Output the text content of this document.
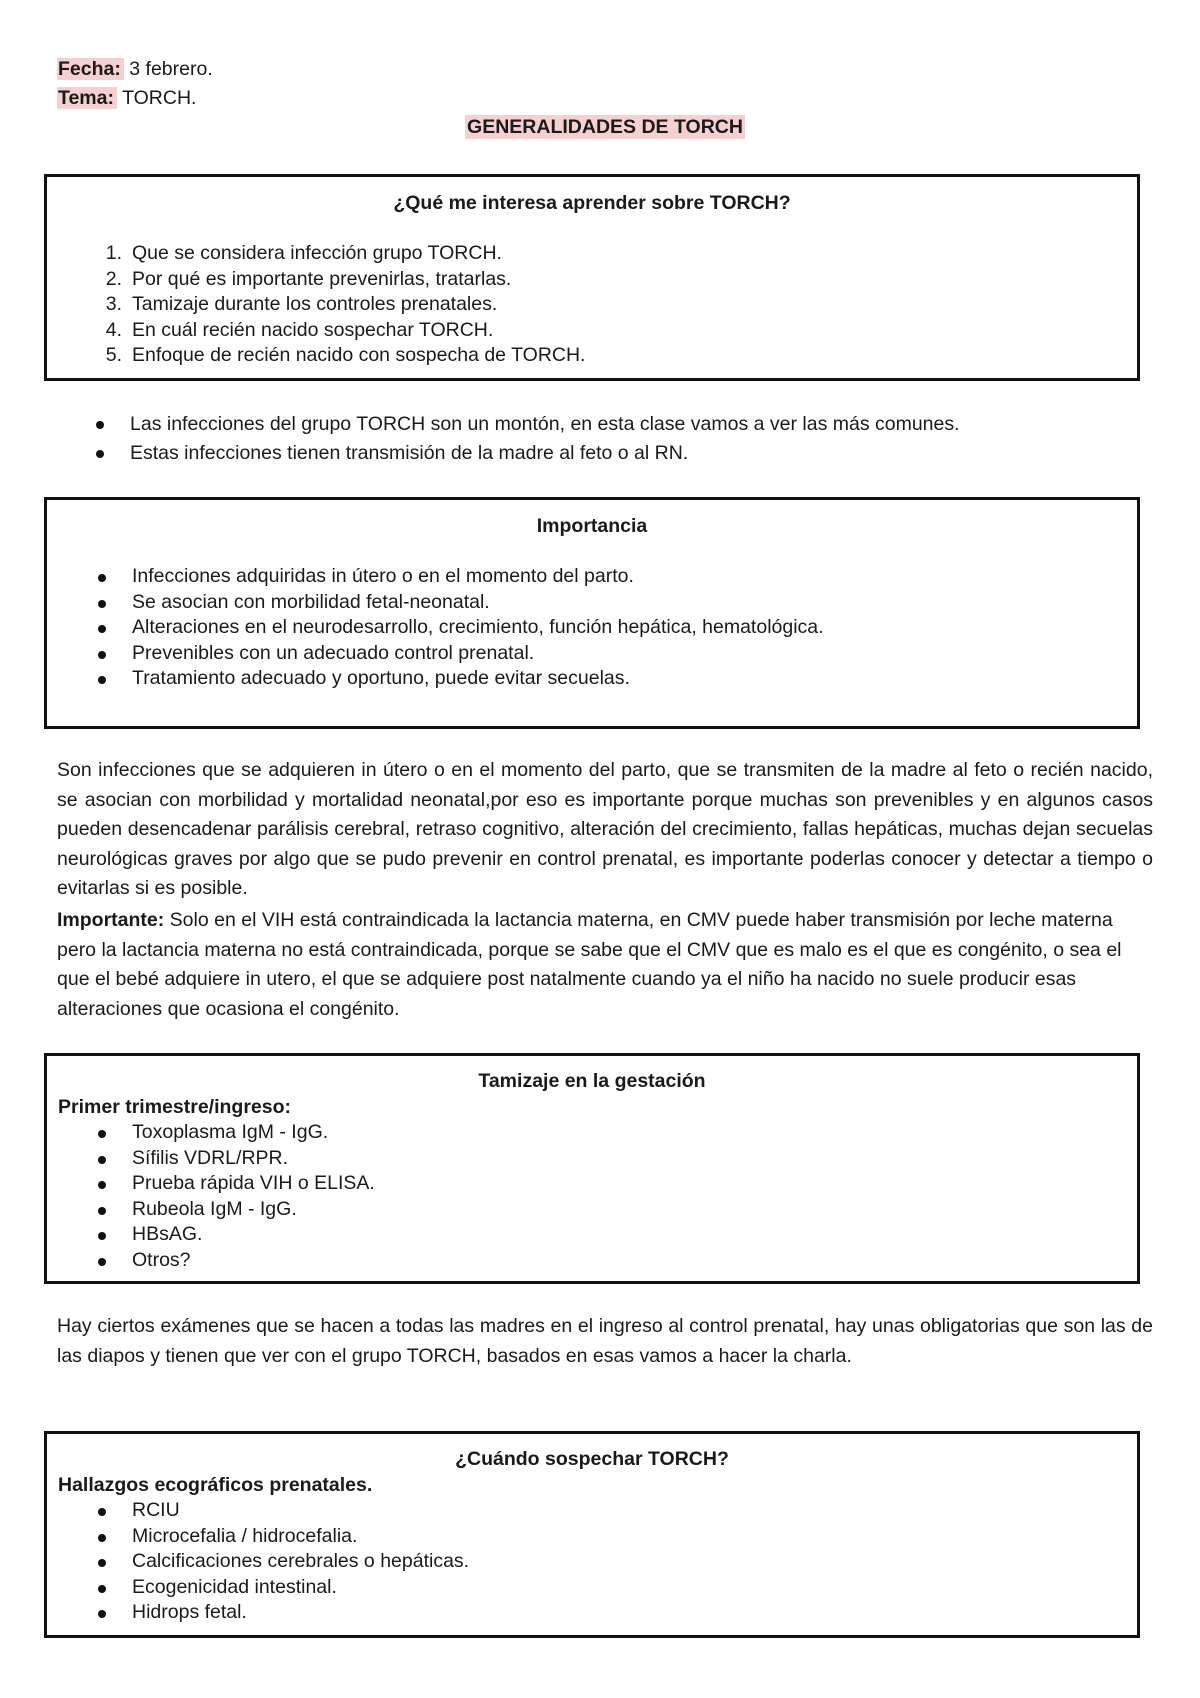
Fecha: 3 febrero.
Tema: TORCH.
GENERALIDADES DE TORCH
¿Qué me interesa aprender sobre TORCH?
1. Que se considera infección grupo TORCH.
2. Por qué es importante prevenirlas, tratarlas.
3. Tamizaje durante los controles prenatales.
4. En cuál recién nacido sospechar TORCH.
5. Enfoque de recién nacido con sospecha de TORCH.
Las infecciones del grupo TORCH son un montón, en esta clase vamos a ver las más comunes.
Estas infecciones tienen transmisión de la madre al feto o al RN.
Importancia
Infecciones adquiridas in útero o en el momento del parto.
Se asocian con morbilidad fetal-neonatal.
Alteraciones en el neurodesarrollo, crecimiento, función hepática, hematológica.
Prevenibles con un adecuado control prenatal.
Tratamiento adecuado y oportuno, puede evitar secuelas.
Son infecciones que se adquieren in útero o en el momento del parto, que se transmiten de la madre al feto o recién nacido, se asocian con morbilidad y mortalidad neonatal,por eso es importante porque muchas son prevenibles y en algunos casos pueden desencadenar parálisis cerebral, retraso cognitivo, alteración del crecimiento, fallas hepáticas, muchas dejan secuelas neurológicas graves por algo que se pudo prevenir en control prenatal, es importante poderlas conocer y detectar a tiempo o evitarlas si es posible.
Importante: Solo en el VIH está contraindicada la lactancia materna, en CMV puede haber transmisión por leche materna pero la lactancia materna no está contraindicada, porque se sabe que el CMV que es malo es el que es congénito, o sea el que el bebé adquiere in utero, el que se adquiere post natalmente cuando ya el niño ha nacido no suele producir esas alteraciones que ocasiona el congénito.
Tamizaje en la gestación
Primer trimestre/ingreso:
Toxoplasma IgM - IgG.
Sífilis VDRL/RPR.
Prueba rápida VIH o ELISA.
Rubeola IgM - IgG.
HBsAG.
Otros?
Hay ciertos exámenes que se hacen a todas las madres en el ingreso al control prenatal, hay unas obligatorias que son las de las diapos y tienen que ver con el grupo TORCH, basados en esas vamos a hacer la charla.
¿Cuándo sospechar TORCH?
Hallazgos ecográficos prenatales.
RCIU
Microcefalia / hidrocefalia.
Calcificaciones cerebrales o hepáticas.
Ecogenicidad intestinal.
Hidrops fetal.
